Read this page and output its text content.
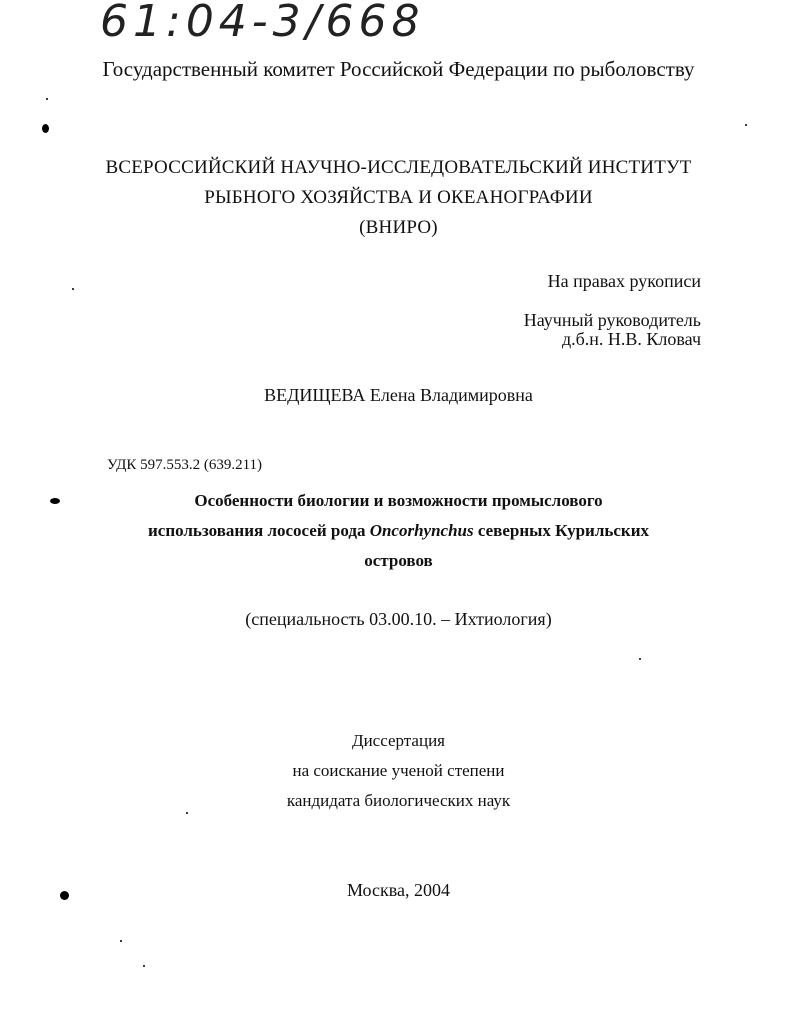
61:04-3/668
Государственный комитет Российской Федерации по рыболовству
ВСЕРОССИЙСКИЙ НАУЧНО-ИССЛЕДОВАТЕЛЬСКИЙ ИНСТИТУТ
РЫБНОГО ХОЗЯЙСТВА И ОКЕАНОГРАФИИ
(ВНИРО)
На правах рукописи
Научный руководитель
д.б.н. Н.В. Кловач
ВЕДИЩЕВА Елена Владимировна
УДК 597.553.2 (639.211)
Особенности биологии и возможности промыслового
использования лососей рода Oncorhynchus северных Курильских
островов
(специальность 03.00.10. – Ихтиология)
Диссертация
на соискание ученой степени
кандидата биологических наук
Москва, 2004
